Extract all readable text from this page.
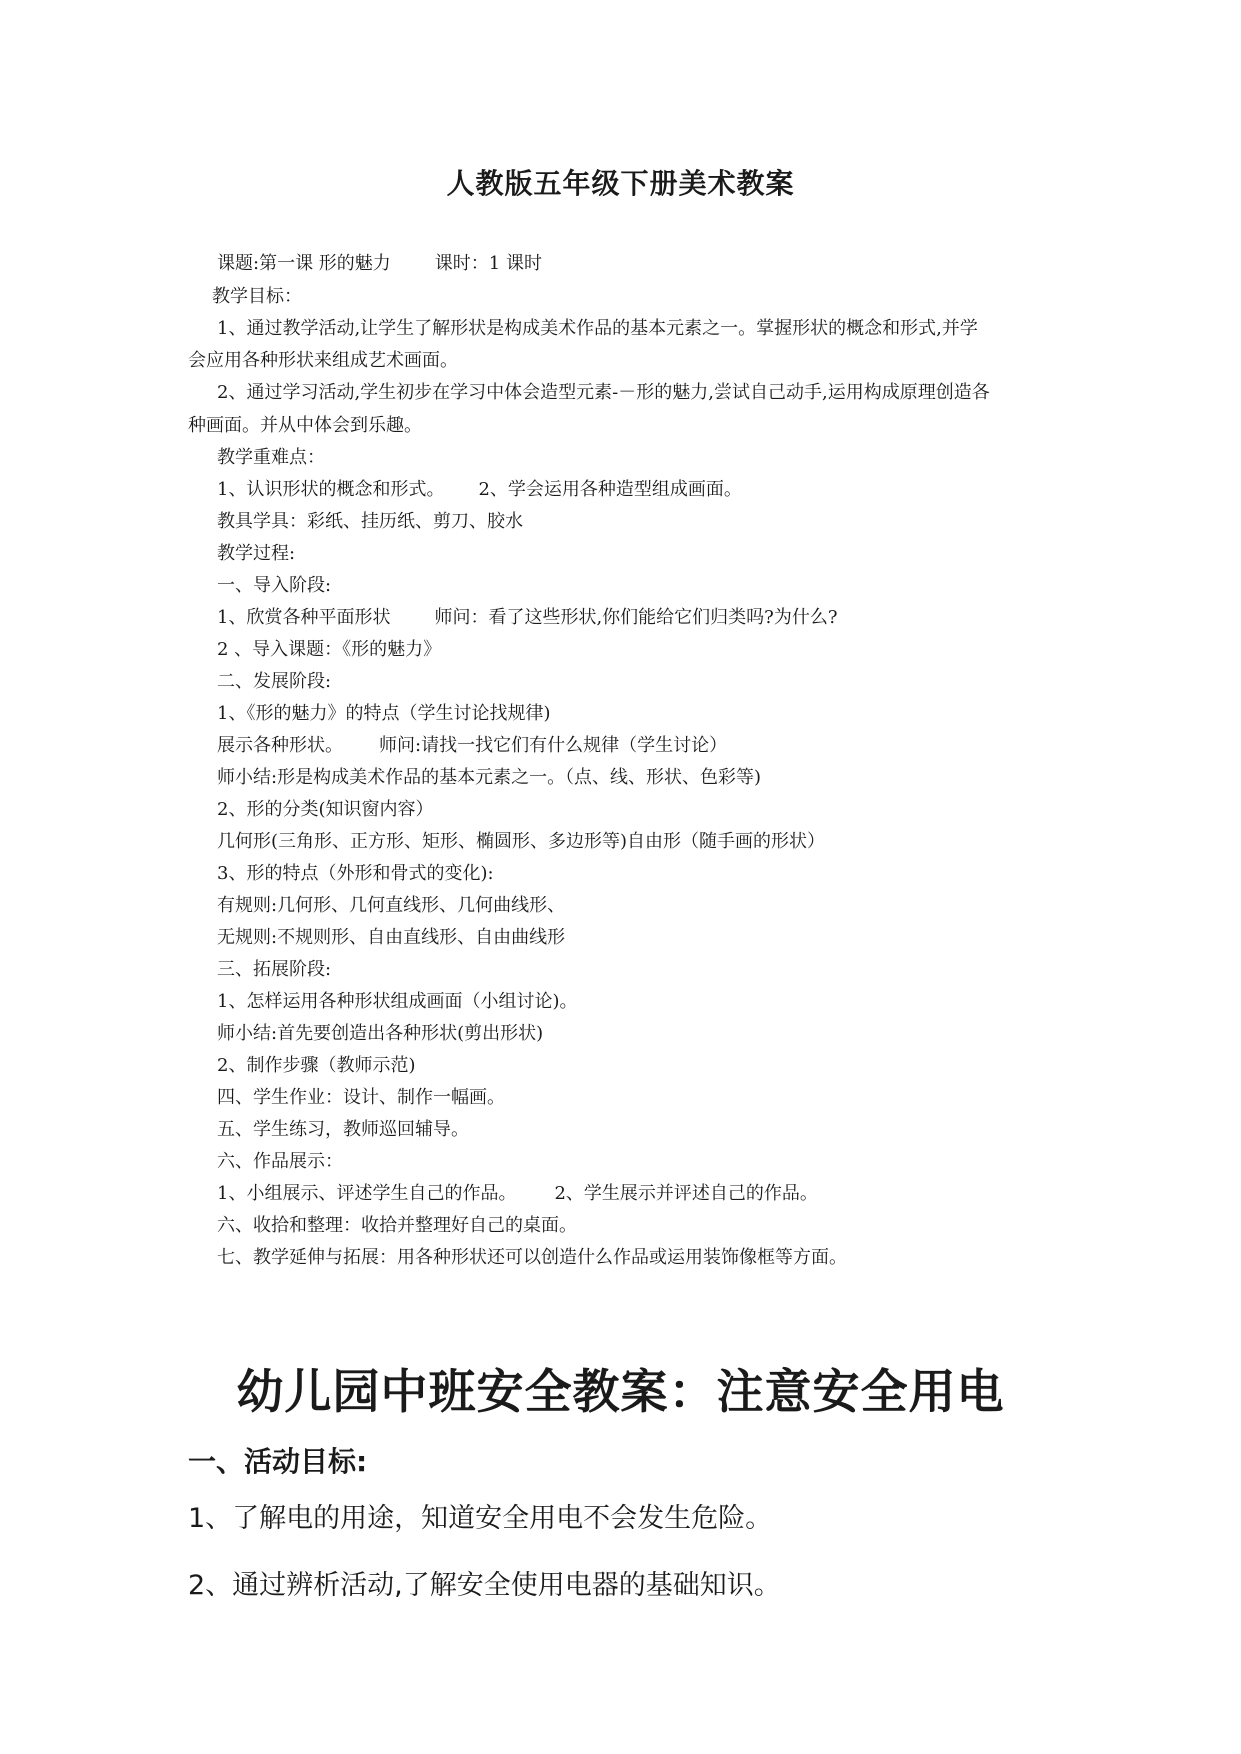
人教版五年级下册美术教案
课题:第一课 形的魅力 课时：1 课时
教学目标：
1、通过教学活动,让学生了解形状是构成美术作品的基本元素之一。掌握形状的概念和形式,并学
会应用各种形状来组成艺术画面。
2、通过学习活动,学生初步在学习中体会造型元素-－形的魅力,尝试自己动手,运用构成原理创造各
种画面。并从中体会到乐趣。
教学重难点：
1、认识形状的概念和形式。 2、学会运用各种造型组成画面。
教具学具：彩纸、挂历纸、剪刀、胶水
教学过程:
一、导入阶段:
1、欣赏各种平面形状 师问：看了这些形状,你们能给它们归类吗?为什么?
2 、导入课题：《形的魅力》
二、发展阶段:
1、《形的魅力》的特点（学生讨论找规律)
展示各种形状。 师问:请找一找它们有什么规律（学生讨论）
师小结:形是构成美术作品的基本元素之一。（点、线、形状、色彩等)
2、形的分类(知识窗内容）
几何形(三角形、正方形、矩形、椭圆形、多边形等)自由形（随手画的形状）
3、形的特点（外形和骨式的变化):
有规则:几何形、几何直线形、几何曲线形、
无规则:不规则形、自由直线形、自由曲线形
三、拓展阶段:
1、怎样运用各种形状组成画面（小组讨论)。
师小结:首先要创造出各种形状(剪出形状)
2、制作步骤（教师示范)
四、学生作业：设计、制作一幅画。
五、学生练习，教师巡回辅导。
六、作品展示：
1、小组展示、评述学生自己的作品。 2、学生展示并评述自己的作品。
六、收拾和整理：收拾并整理好自己的桌面。
七、教学延伸与拓展：用各种形状还可以创造什么作品或运用装饰像框等方面。
幼儿园中班安全教案：注意安全用电
一、活动目标:
1、了解电的用途，知道安全用电不会发生危险。
2、通过辨析活动,了解安全使用电器的基础知识。
